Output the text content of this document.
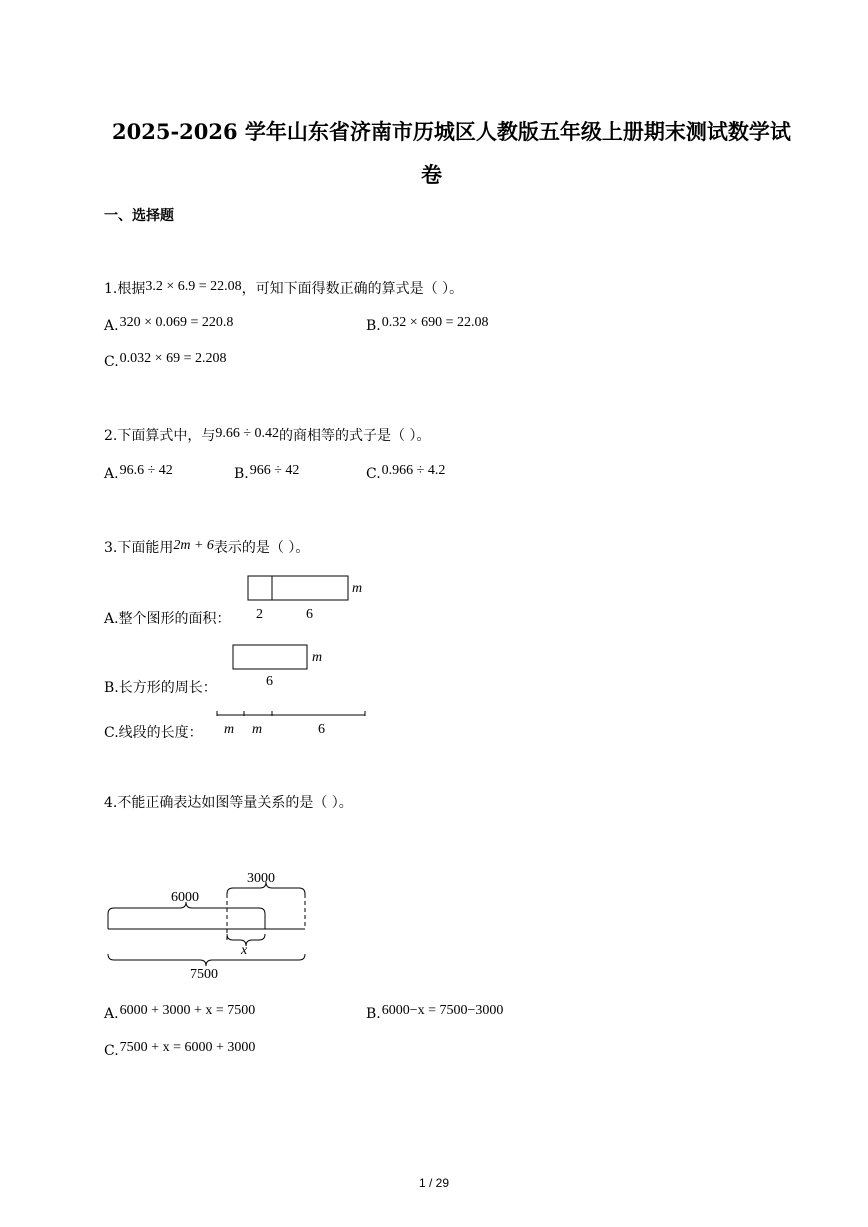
2025-2026 学年山东省济南市历城区人教版五年级上册期末测试数学试
卷
一、选择题
1.根据3.2 × 6.9 = 22.08，可知下面得数正确的算式是（ ）。
A.320 × 0.069 = 220.8	B.0.32 × 690 = 22.08
C.0.032 × 69 = 2.208
2.下面算式中，与9.66 ÷ 0.42的商相等的式子是（ ）。
A.96.6 ÷ 42	B.966 ÷ 42	C.0.966 ÷ 4.2
3.下面能用2m + 6表示的是（ ）。
A.整个图形的面积： 2	6
m
B.长方形的周长：	6
m
C.线段的长度： m m	6
4.不能正确表达如图等量关系的是（ ）。
3000
6000
x
7500
A.6000 + 3000 + x = 7500	B.6000−x = 7500−3000
C.7500 + x = 6000 + 3000
1 / 29
